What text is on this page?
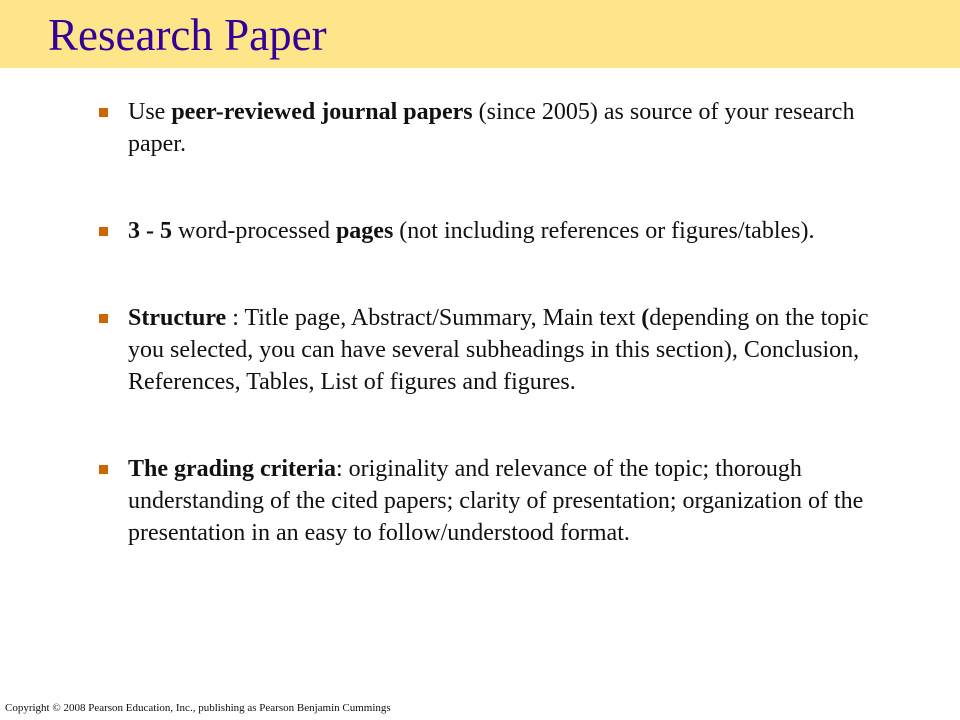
Research Paper
Use peer-reviewed journal papers (since 2005) as source of your research paper.
3 - 5 word-processed pages (not including references or figures/tables).
Structure : Title page, Abstract/Summary, Main text (depending on the topic you selected, you can have several subheadings in this section), Conclusion, References, Tables, List of figures and figures.
The grading criteria: originality and relevance of the topic; thorough understanding of the cited papers; clarity of presentation; organization of the presentation in an easy to follow/understood format.

Copyright © 2008 Pearson Education, Inc., publishing as Pearson Benjamin Cummings
